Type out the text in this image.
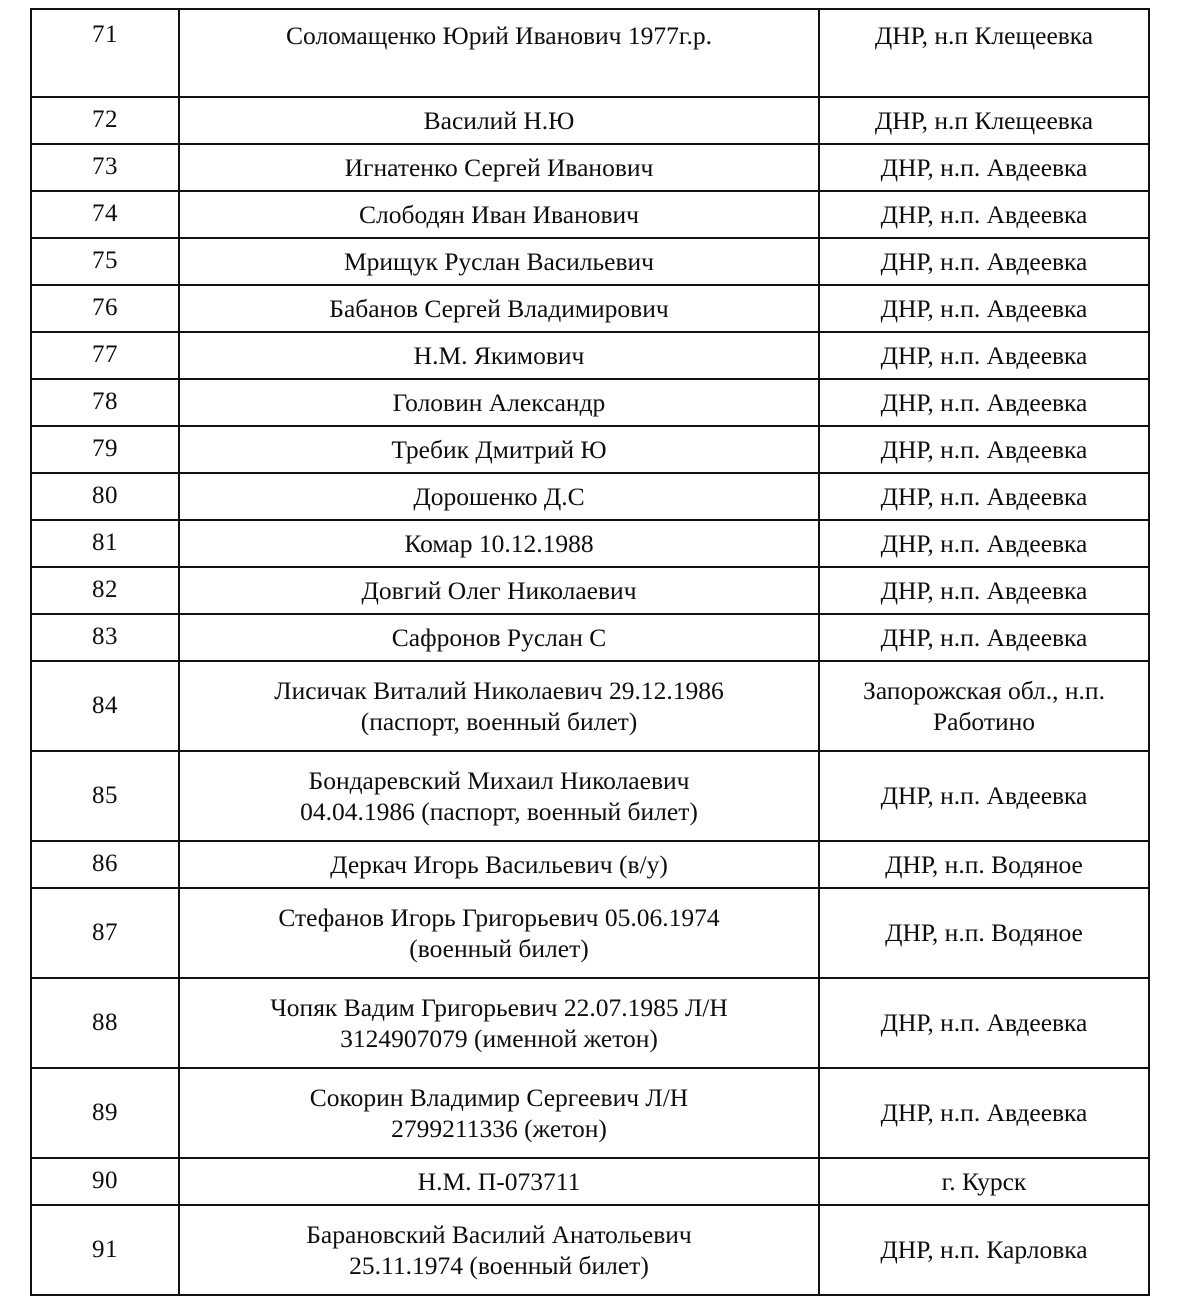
71	Соломащенко Юрий Иванович 1977г.р.	ДНР, н.п Клещеевка

72	Василий Н.Ю	ДНР, н.п Клещеевка

73	Игнатенко Сергей Иванович	ДНР, н.п. Авдеевка

74	Слободян Иван Иванович	ДНР, н.п. Авдеевка

75	Мрищук Руслан Васильевич	ДНР, н.п. Авдеевка

76	Бабанов Сергей Владимирович	ДНР, н.п. Авдеевка

77	Н.М. Якимович	ДНР, н.п. Авдеевка

78	Головин Александр	ДНР, н.п. Авдеевка

79	Требик Дмитрий Ю	ДНР, н.п. Авдеевка

80	Дорошенко Д.С	ДНР, н.п. Авдеевка

81	Комар 10.12.1988	ДНР, н.п. Авдеевка

82	Довгий Олег Николаевич	ДНР, н.п. Авдеевка

83	Сафронов Руслан С	ДНР, н.п. Авдеевка

84	Лисичак Виталий Николаевич 29.12.1986
(паспорт, военный билет)	Запорожская обл., н.п.
Работино

85	Бондаревский Михаил Николаевич
04.04.1986 (паспорт, военный билет)	ДНР, н.п. Авдеевка

86	Деркач Игорь Васильевич (в/у)	ДНР, н.п. Водяное

87	Стефанов Игорь Григорьевич 05.06.1974
(военный билет)	ДНР, н.п. Водяное

88	Чопяк Вадим Григорьевич 22.07.1985 Л/Н
3124907079 (именной жетон)	ДНР, н.п. Авдеевка

89	Сокорин Владимир Сергеевич Л/Н
2799211336 (жетон)	ДНР, н.п. Авдеевка

90	Н.М. П-073711	г. Курск

91	Барановский Василий Анатольевич
25.11.1974 (военный билет)	ДНР, н.п. Карловка
